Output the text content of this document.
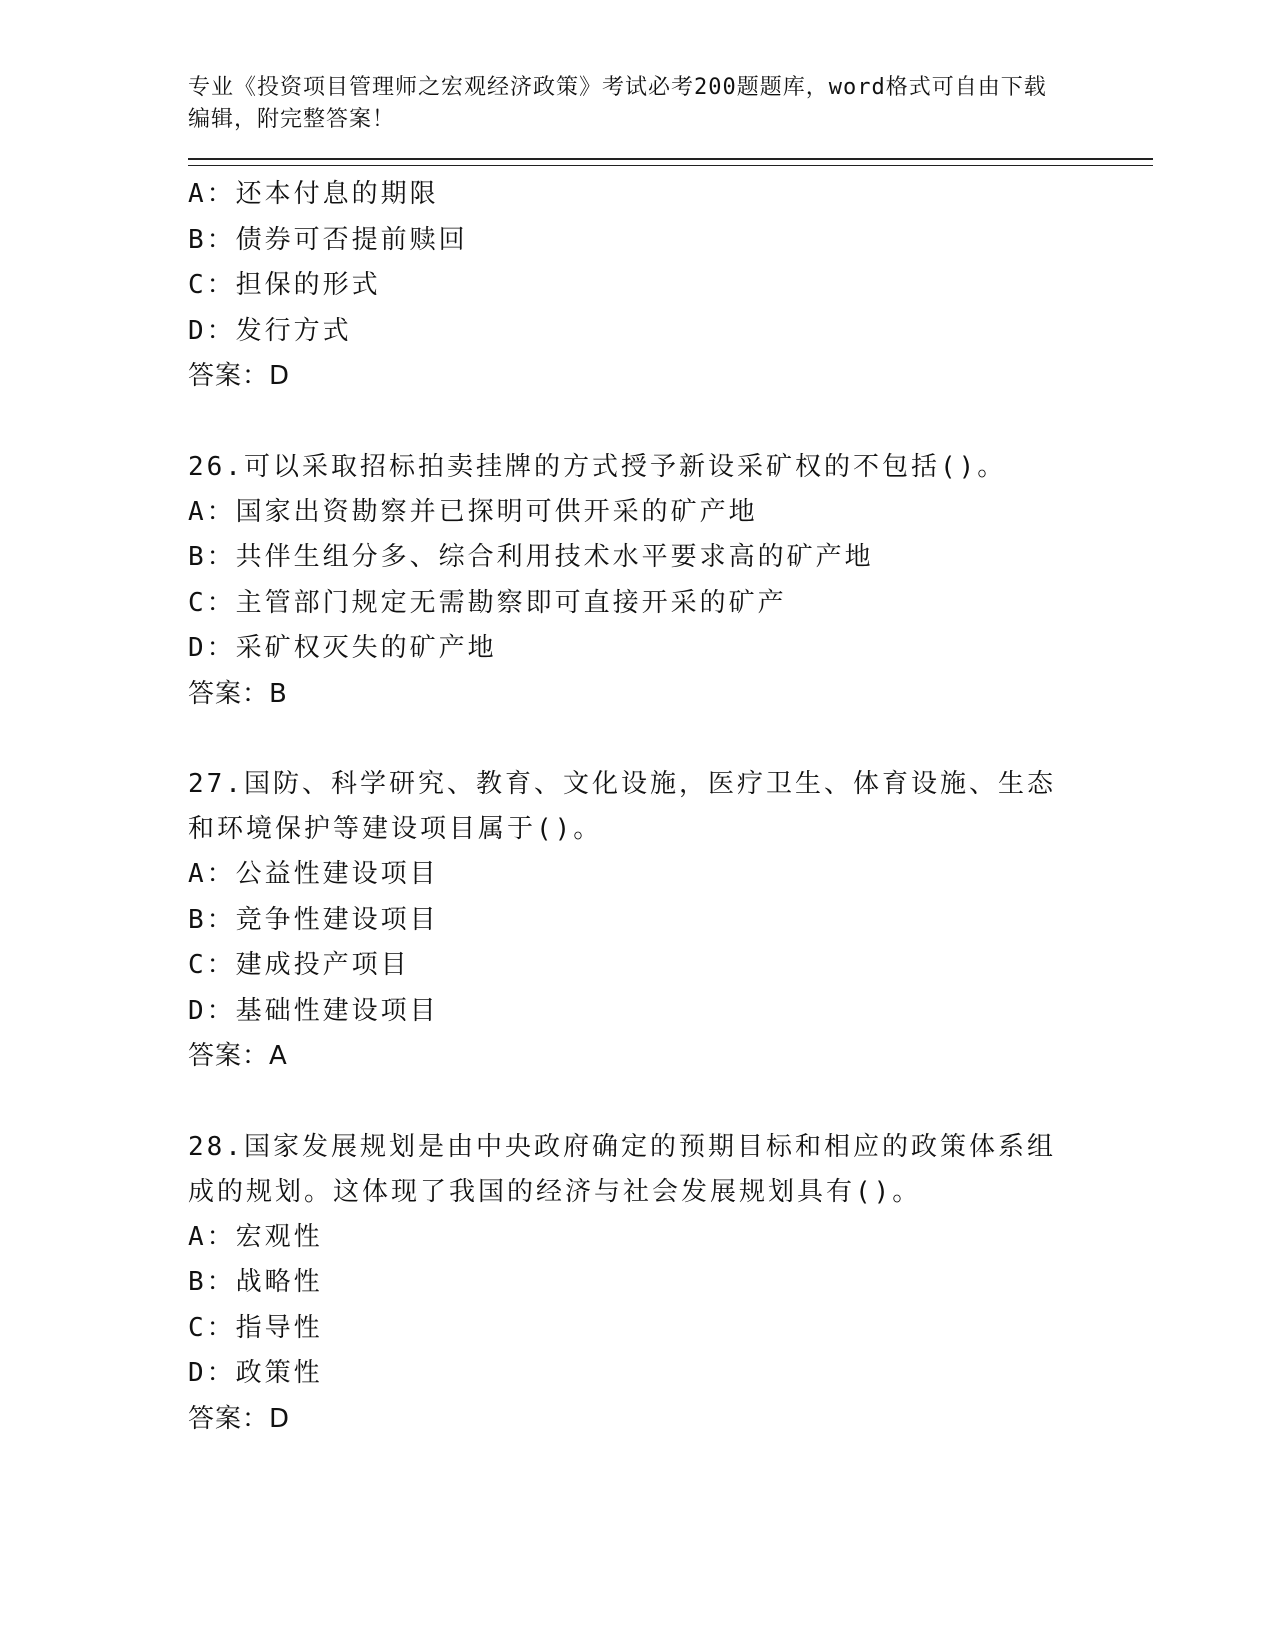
专业《投资项目管理师之宏观经济政策》考试必考200题题库，word格式可自由下载编辑，附完整答案！

A：还本付息的期限

B：债券可否提前赎回

C：担保的形式

D：发行方式

答案：D

26.可以采取招标拍卖挂牌的方式授予新设采矿权的不包括()。

A：国家出资勘察并已探明可供开采的矿产地

B：共伴生组分多、综合利用技术水平要求高的矿产地

C：主管部门规定无需勘察即可直接开采的矿产

D：采矿权灭失的矿产地

答案：B

27.国防、科学研究、教育、文化设施，医疗卫生、体育设施、生态和环境保护等建设项目属于()。

A：公益性建设项目

B：竞争性建设项目

C：建成投产项目

D：基础性建设项目

答案：A

28.国家发展规划是由中央政府确定的预期目标和相应的政策体系组成的规划。这体现了我国的经济与社会发展规划具有()。

A：宏观性

B：战略性

C：指导性

D：政策性

答案：D
